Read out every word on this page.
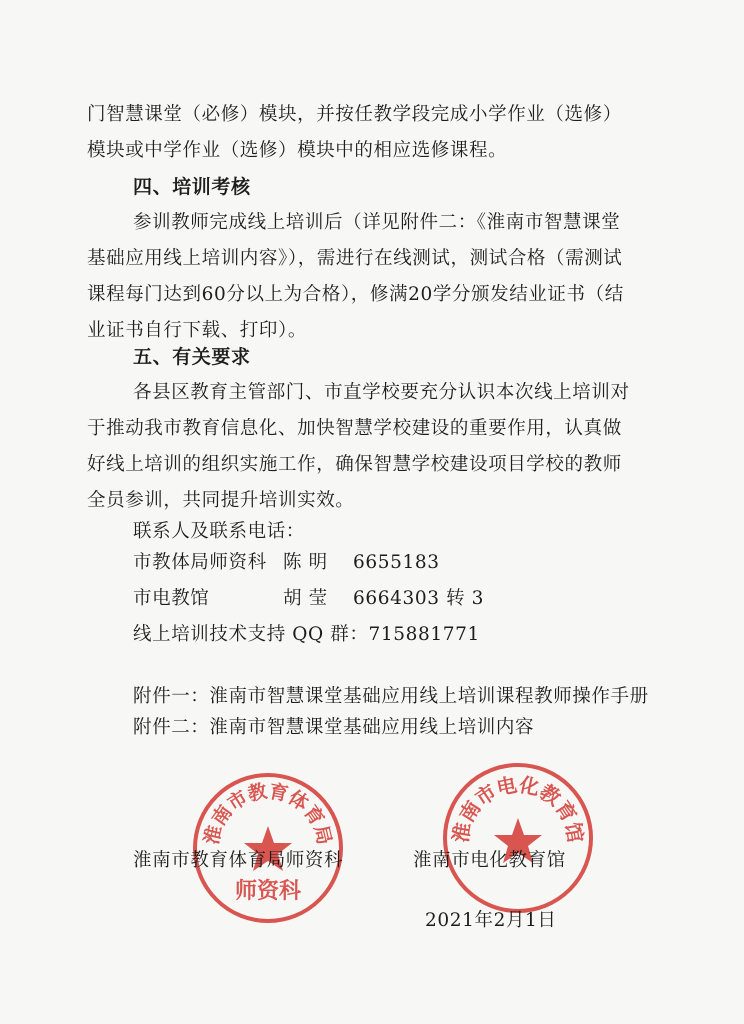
门智慧课堂（必修）模块，并按任教学段完成小学作业（选修）
模块或中学作业（选修）模块中的相应选修课程。
四、培训考核
参训教师完成线上培训后（详见附件二：《淮南市智慧课堂
基础应用线上培训内容》），需进行在线测试，测试合格（需测试
课程每门达到60分以上为合格），修满20学分颁发结业证书（结
业证书自行下载、打印）。
五、有关要求
各县区教育主管部门、市直学校要充分认识本次线上培训对
于推动我市教育信息化、加快智慧学校建设的重要作用，认真做
好线上培训的组织实施工作，确保智慧学校建设项目学校的教师
全员参训，共同提升培训实效。
联系人及联系电话：
市教体局师资科 陈 明 6655183
市电教馆	胡 莹 6664303 转 3
线上培训技术支持 QQ 群：715881771
附件一：淮南市智慧课堂基础应用线上培训课程教师操作手册
附件二：淮南市智慧课堂基础应用线上培训内容
淮南市教育体育局
师资科
淮南市电化教育馆
淮南市教育体育局师资科	淮南市电化教育馆
2021年2月1日
